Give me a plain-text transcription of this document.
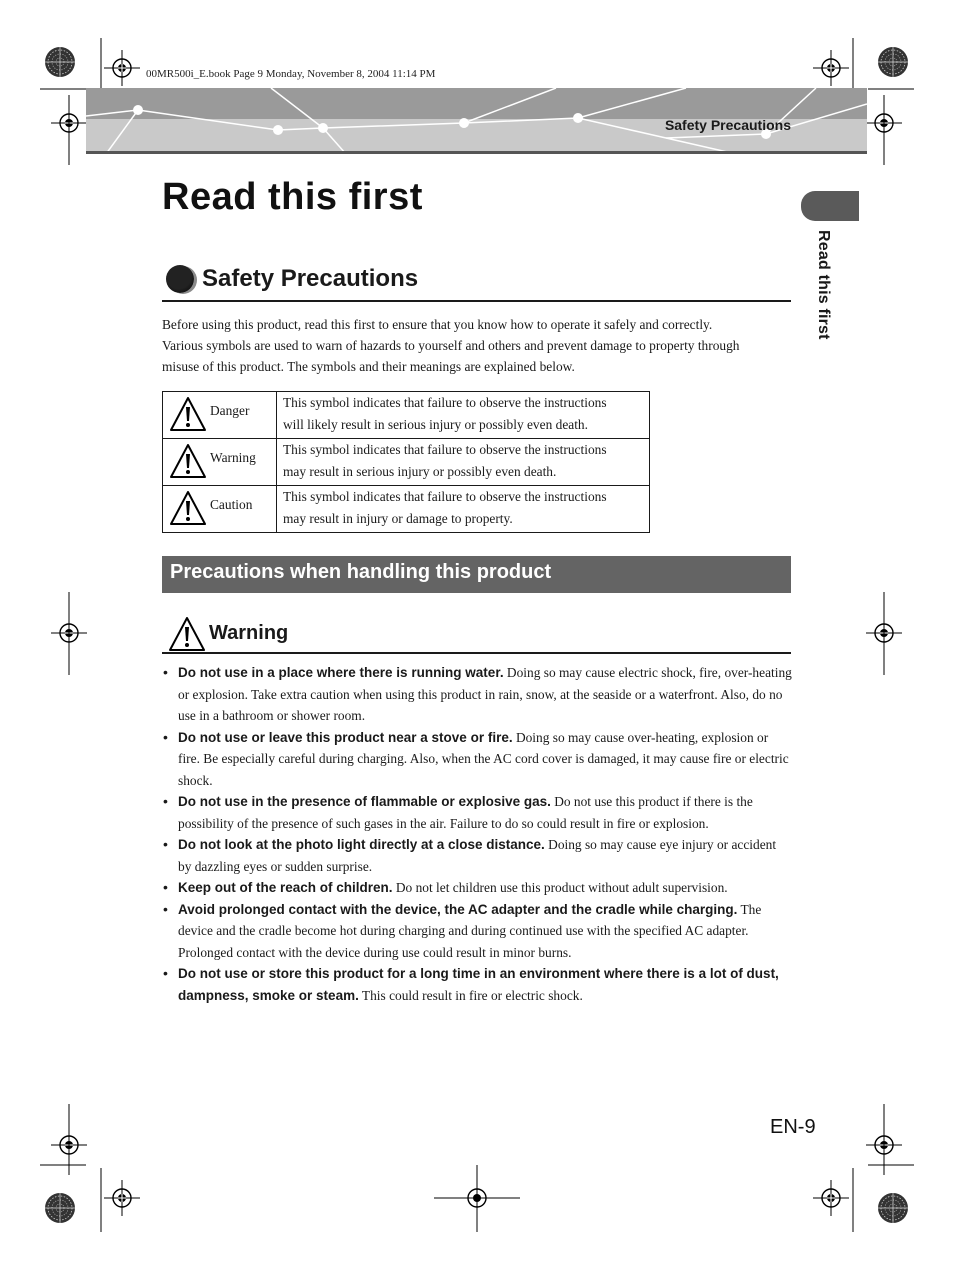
00MR500i_E.book Page 9 Monday, November 8, 2004 11:14 PM
Safety Precautions
Read this first
Read this first
Safety Precautions

Before using this product, read this first to ensure that you know how to operate it safely and correctly.

Various symbols are used to warn of hazards to yourself and others and prevent damage to property through

misuse of this product. The symbols and their meanings are explained below.

Danger	This symbol indicates that failure to observe the instructions
will likely result in serious injury or possibly even death.

Warning	This symbol indicates that failure to observe the instructions
may result in serious injury or possibly even death.

Caution	This symbol indicates that failure to observe the instructions
may result in injury or damage to property.
Precautions when handling this product
Warning
• Do not use in a place where there is running water. Doing so may cause electric shock, fire, over-heating or explosion. Take extra caution when using this product in rain, snow, at the seaside or a waterfront. Also, do no use in a bathroom or shower room.
• Do not use or leave this product near a stove or fire. Doing so may cause over-heating, explosion or fire. Be especially careful during charging. Also, when the AC cord cover is damaged, it may cause fire or electric shock.
• Do not use in the presence of flammable or explosive gas. Do not use this product if there is the possibility of the presence of such gases in the air. Failure to do so could result in fire or explosion.
• Do not look at the photo light directly at a close distance. Doing so may cause eye injury or accident by dazzling eyes or sudden surprise.
• Keep out of the reach of children. Do not let children use this product without adult supervision.
• Avoid prolonged contact with the device, the AC adapter and the cradle while charging. The device and the cradle become hot during charging and during continued use with the specified AC adapter. Prolonged contact with the device during use could result in minor burns.
• Do not use or store this product for a long time in an environment where there is a lot of dust, dampness, smoke or steam. This could result in fire or electric shock.
EN-9
